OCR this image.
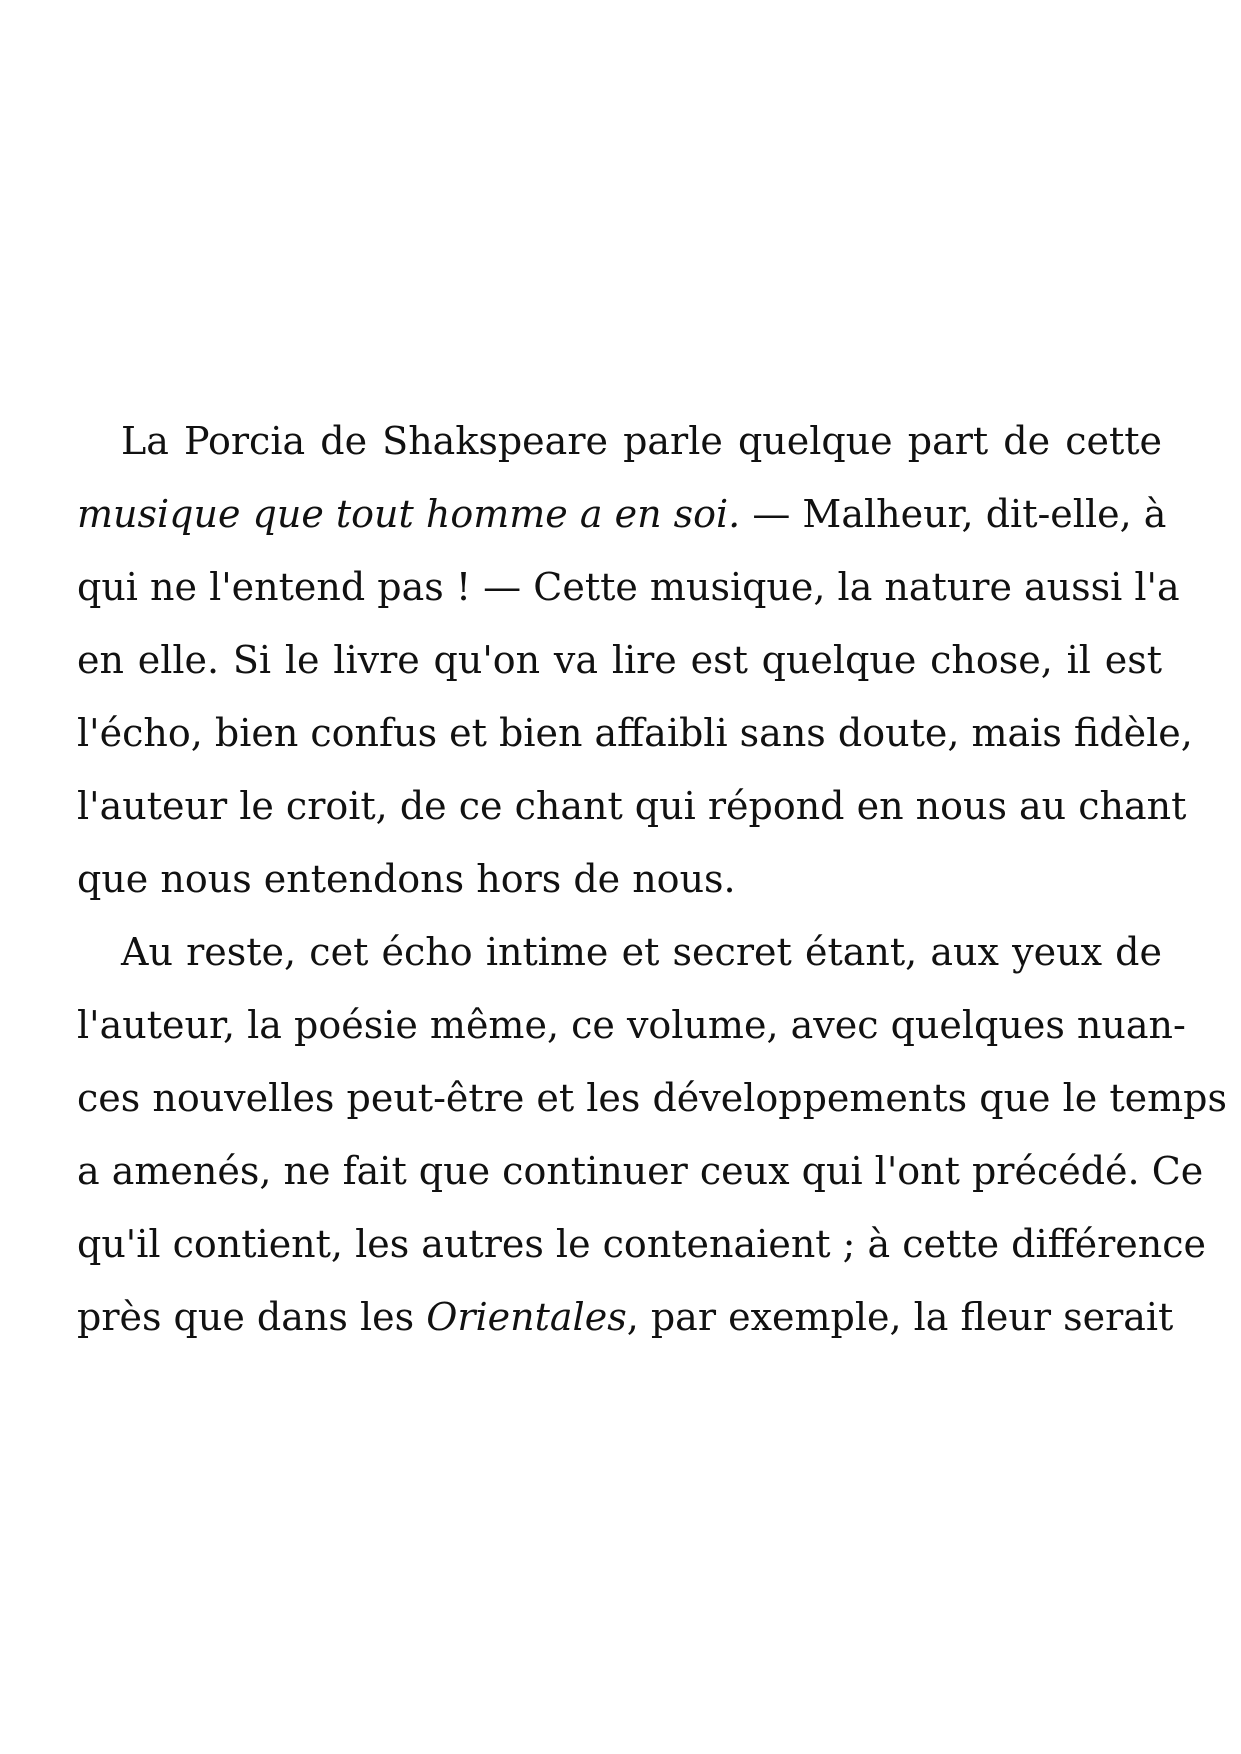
La Porcia de Shakspeare parle quelque part de cette
musique que tout homme a en soi. — Malheur, dit-elle, à
qui ne l'entend pas ! — Cette musique, la nature aussi l'a
en elle. Si le livre qu'on va lire est quelque chose, il est
l'écho, bien confus et bien affaibli sans doute, mais fidèle,
l'auteur le croit, de ce chant qui répond en nous au chant
que nous entendons hors de nous.
Au reste, cet écho intime et secret étant, aux yeux de
l'auteur, la poésie même, ce volume, avec quelques nuan-
ces nouvelles peut-être et les développements que le temps
a amenés, ne fait que continuer ceux qui l'ont précédé. Ce
qu'il contient, les autres le contenaient ; à cette différence
près que dans les Orientales, par exemple, la fleur serait
